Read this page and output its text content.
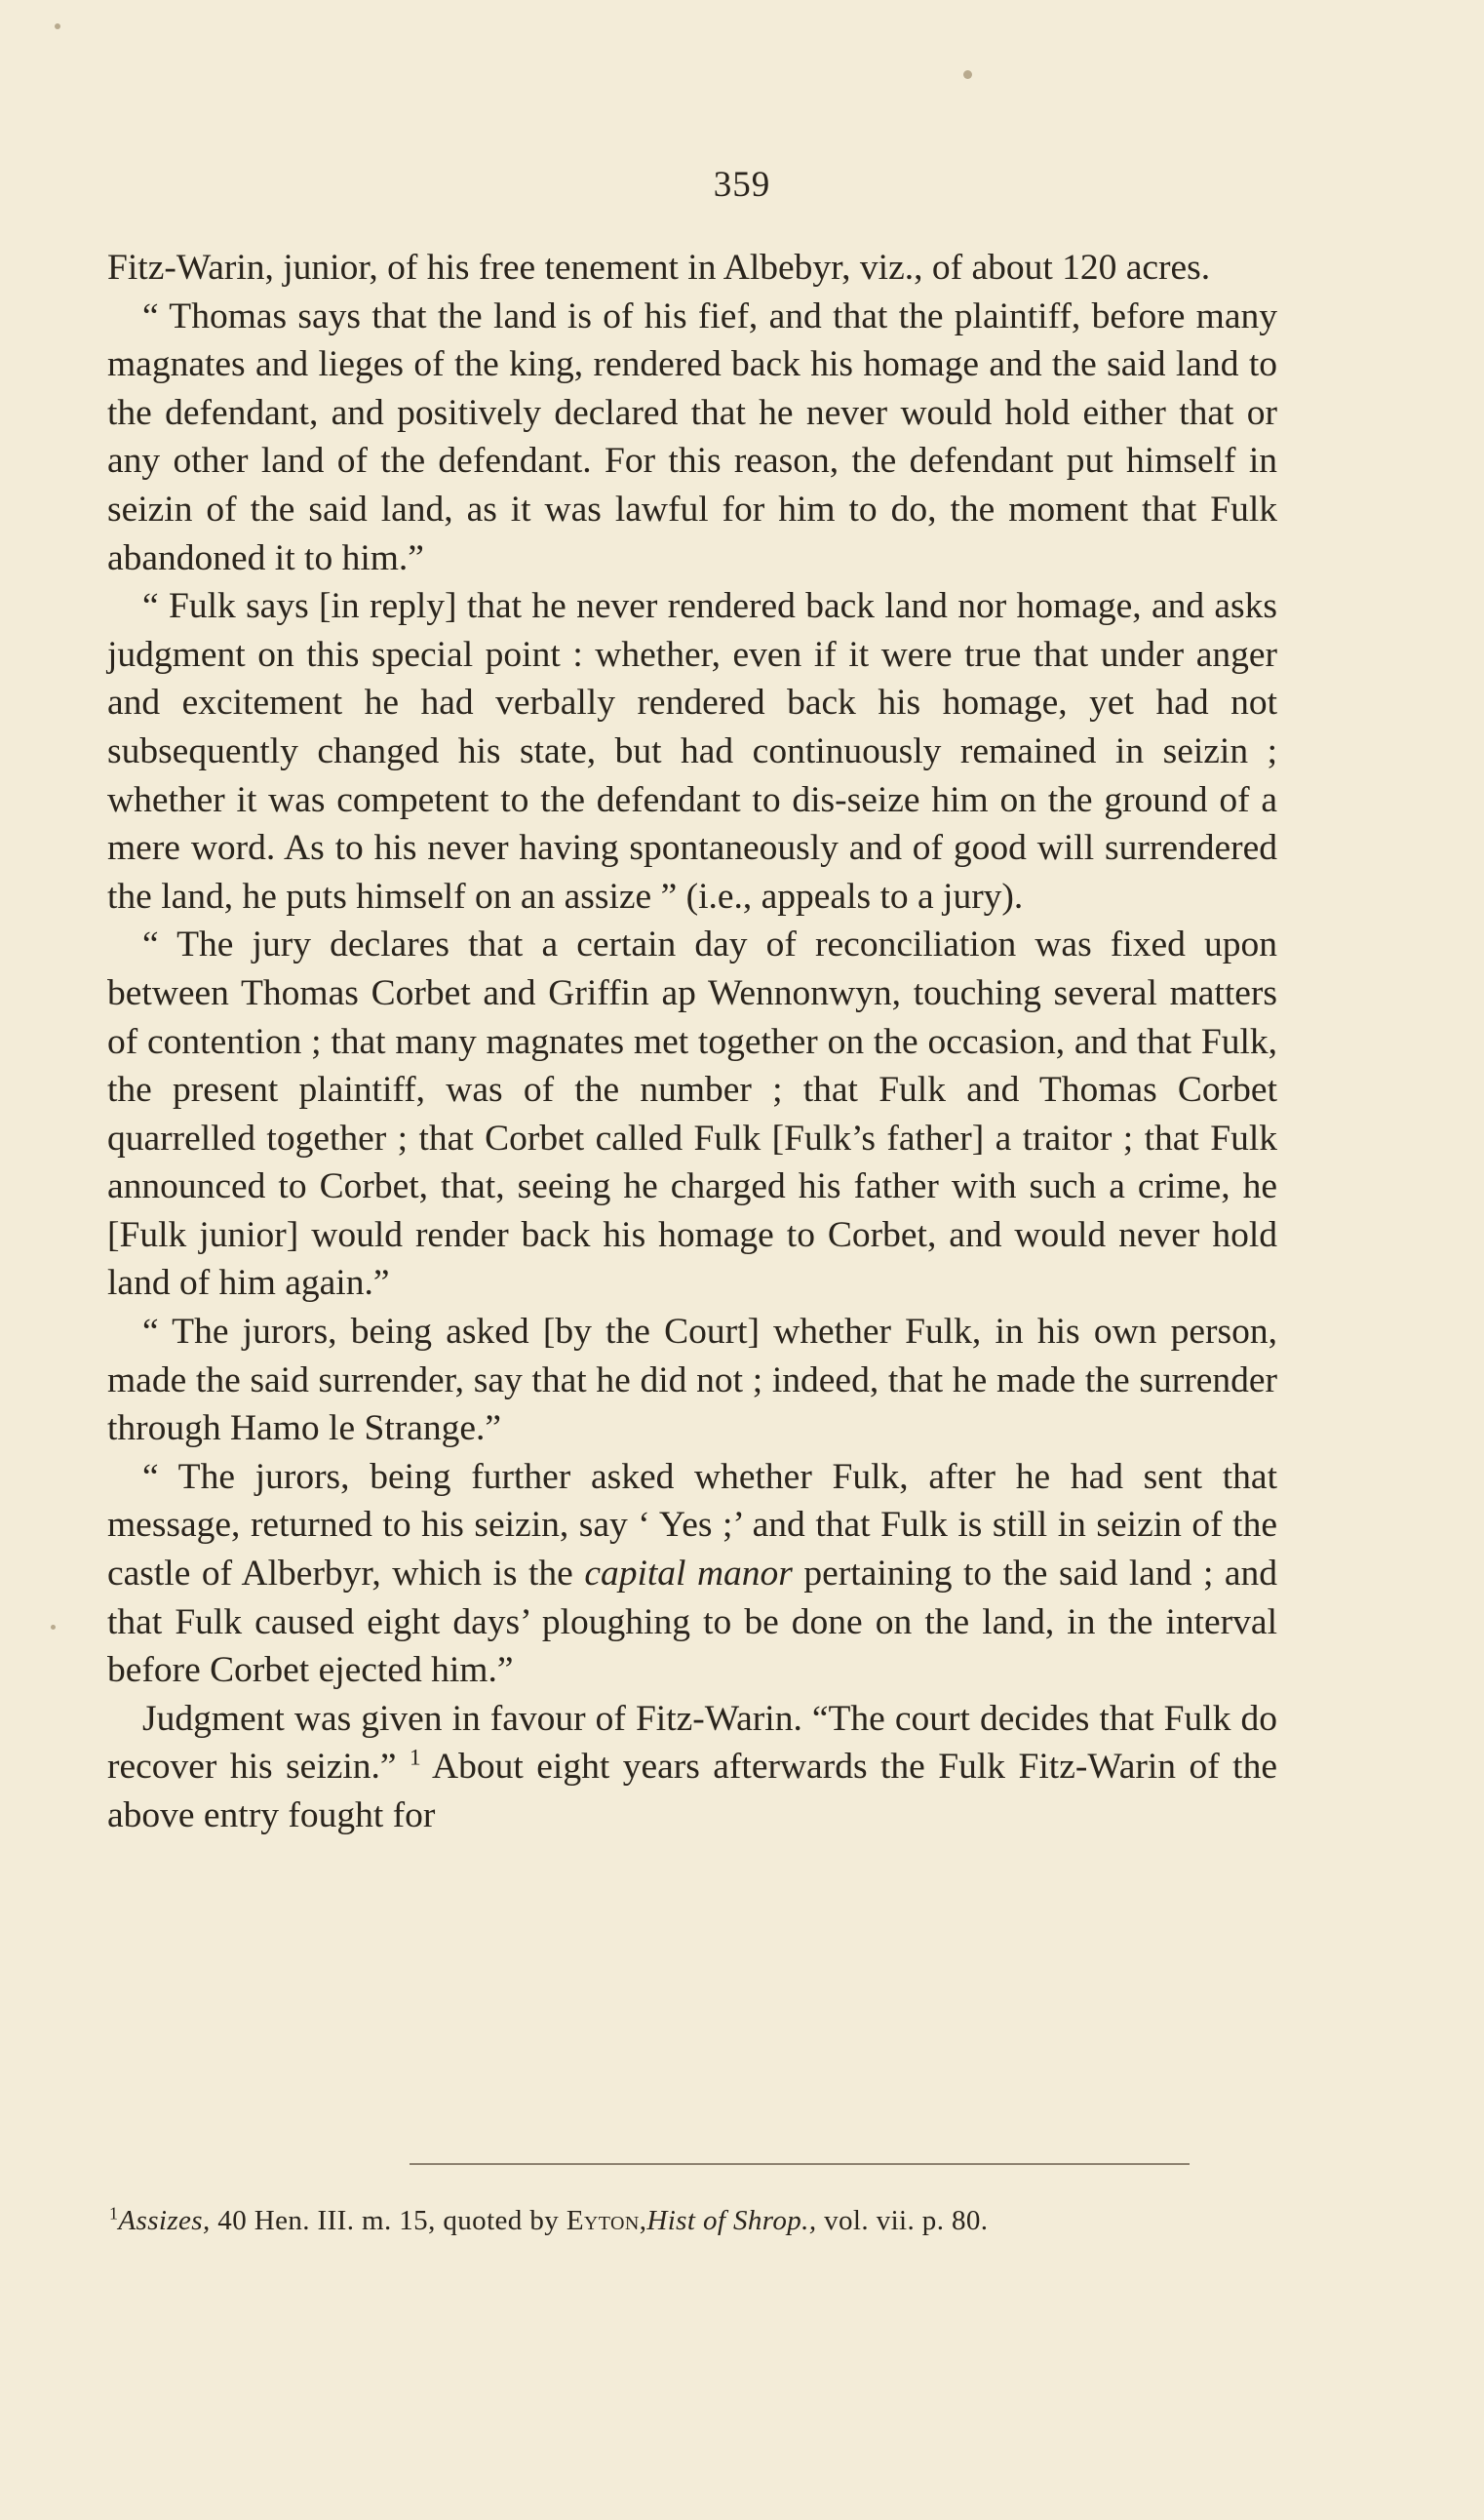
359

Fitz-Warin, junior, of his free tenement in Albebyr, viz., of about 120 acres.

“ Thomas says that the land is of his fief, and that the plaintiff, before many magnates and lieges of the king, rendered back his homage and the said land to the defendant, and positively declared that he never would hold either that or any other land of the defendant. For this reason, the defendant put himself in seizin of the said land, as it was lawful for him to do, the moment that Fulk abandoned it to him.”

“ Fulk says [in reply] that he never rendered back land nor homage, and asks judgment on this special point : whether, even if it were true that under anger and excitement he had verbally rendered back his homage, yet had not subsequently changed his state, but had continuously remained in seizin ; whether it was competent to the defendant to dis-seize him on the ground of a mere word. As to his never having spontaneously and of good will surrendered the land, he puts himself on an assize ” (i.e., appeals to a jury).

“ The jury declares that a certain day of reconciliation was fixed upon between Thomas Corbet and Griffin ap Wennonwyn, touching several matters of contention ; that many magnates met together on the occasion, and that Fulk, the present plaintiff, was of the number ; that Fulk and Thomas Corbet quarrelled together ; that Corbet called Fulk [Fulk’s father] a traitor ; that Fulk announced to Corbet, that, seeing he charged his father with such a crime, he [Fulk junior] would render back his homage to Corbet, and would never hold land of him again.”

“ The jurors, being asked [by the Court] whether Fulk, in his own person, made the said surrender, say that he did not ; indeed, that he made the surrender through Hamo le Strange.”

“ The jurors, being further asked whether Fulk, after he had sent that message, returned to his seizin, say ‘ Yes ;’ and that Fulk is still in seizin of the castle of Alberbyr, which is the capital manor pertaining to the said land ; and that Fulk caused eight days’ ploughing to be done on the land, in the interval before Corbet ejected him.”

Judgment was given in favour of Fitz-Warin. “The court decides that Fulk do recover his seizin.” $^1$ About eight years afterwards the Fulk Fitz-Warin of the above entry fought for

$^1$Assizes, 40 Hen. III. m. 15, quoted by Eyton,Hist of Shrop., vol. vii. p. 80.
